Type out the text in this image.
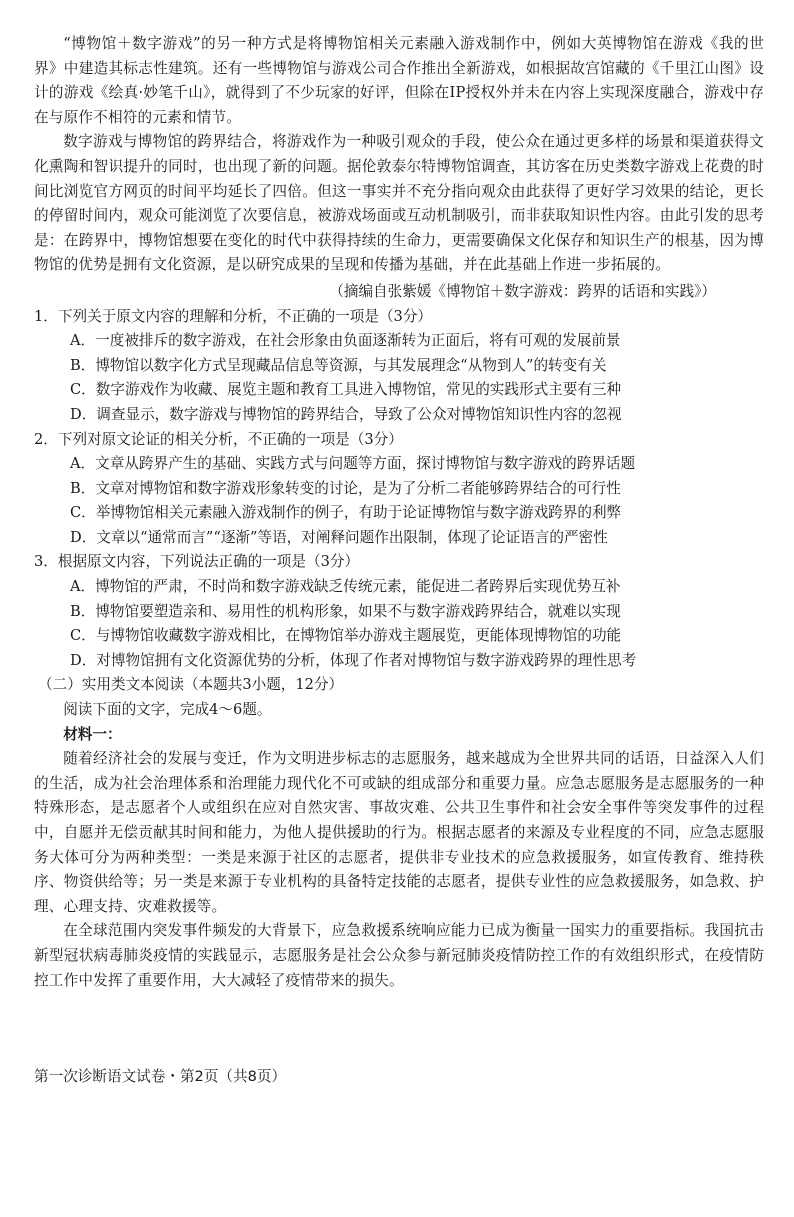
“博物馆＋数字游戏”的另一种方式是将博物馆相关元素融入游戏制作中，例如大英博物馆在游戏《我的世界》中建造其标志性建筑。还有一些博物馆与游戏公司合作推出全新游戏，如根据故宫馆藏的《千里江山图》设计的游戏《绘真·妙笔千山》，就得到了不少玩家的好评，但除在IP授权外并未在内容上实现深度融合，游戏中存在与原作不相符的元素和情节。

数字游戏与博物馆的跨界结合，将游戏作为一种吸引观众的手段，使公众在通过更多样的场景和渠道获得文化熏陶和智识提升的同时，也出现了新的问题。据伦敦泰尔特博物馆调查，其访客在历史类数字游戏上花费的时间比浏览官方网页的时间平均延长了四倍。但这一事实并不充分指向观众由此获得了更好学习效果的结论，更长的停留时间内，观众可能浏览了次要信息，被游戏场面或互动机制吸引，而非获取知识性内容。由此引发的思考是：在跨界中，博物馆想要在变化的时代中获得持续的生命力，更需要确保文化保存和知识生产的根基，因为博物馆的优势是拥有文化资源，是以研究成果的呈现和传播为基础，并在此基础上作进一步拓展的。

（摘编自张紫媛《博物馆＋数字游戏：跨界的话语和实践》）

1．下列关于原文内容的理解和分析，不正确的一项是（3分）

A．一度被排斥的数字游戏，在社会形象由负面逐渐转为正面后，将有可观的发展前景

B．博物馆以数字化方式呈现藏品信息等资源，与其发展理念“从物到人”的转变有关

C．数字游戏作为收藏、展览主题和教育工具进入博物馆，常见的实践形式主要有三种

D．调查显示，数字游戏与博物馆的跨界结合，导致了公众对博物馆知识性内容的忽视

2．下列对原文论证的相关分析，不正确的一项是（3分）

A．文章从跨界产生的基础、实践方式与问题等方面，探讨博物馆与数字游戏的跨界话题

B．文章对博物馆和数字游戏形象转变的讨论，是为了分析二者能够跨界结合的可行性

C．举博物馆相关元素融入游戏制作的例子，有助于论证博物馆与数字游戏跨界的利弊

D．文章以“通常而言”“逐渐”等语，对阐释问题作出限制，体现了论证语言的严密性

3．根据原文内容，下列说法正确的一项是（3分）

A．博物馆的严肃，不时尚和数字游戏缺乏传统元素，能促进二者跨界后实现优势互补

B．博物馆要塑造亲和、易用性的机构形象，如果不与数字游戏跨界结合，就难以实现

C．与博物馆收藏数字游戏相比，在博物馆举办游戏主题展览，更能体现博物馆的功能

D．对博物馆拥有文化资源优势的分析，体现了作者对博物馆与数字游戏跨界的理性思考

（二）实用类文本阅读（本题共3小题，12分）

阅读下面的文字，完成4～6题。

材料一：

随着经济社会的发展与变迁，作为文明进步标志的志愿服务，越来越成为全世界共同的话语，日益深入人们的生活，成为社会治理体系和治理能力现代化不可或缺的组成部分和重要力量。应急志愿服务是志愿服务的一种特殊形态，是志愿者个人或组织在应对自然灾害、事故灾难、公共卫生事件和社会安全事件等突发事件的过程中，自愿并无偿贡献其时间和能力，为他人提供援助的行为。根据志愿者的来源及专业程度的不同，应急志愿服务大体可分为两种类型：一类是来源于社区的志愿者，提供非专业技术的应急救援服务，如宣传教育、维持秩序、物资供给等；另一类是来源于专业机构的具备特定技能的志愿者，提供专业性的应急救援服务，如急救、护理、心理支持、灾难救援等。

在全球范围内突发事件频发的大背景下，应急救援系统响应能力已成为衡量一国实力的重要指标。我国抗击新型冠状病毒肺炎疫情的实践显示，志愿服务是社会公众参与新冠肺炎疫情防控工作的有效组织形式，在疫情防控工作中发挥了重要作用，大大减轻了疫情带来的损失。

第一次诊断语文试卷・第2页（共8页）
